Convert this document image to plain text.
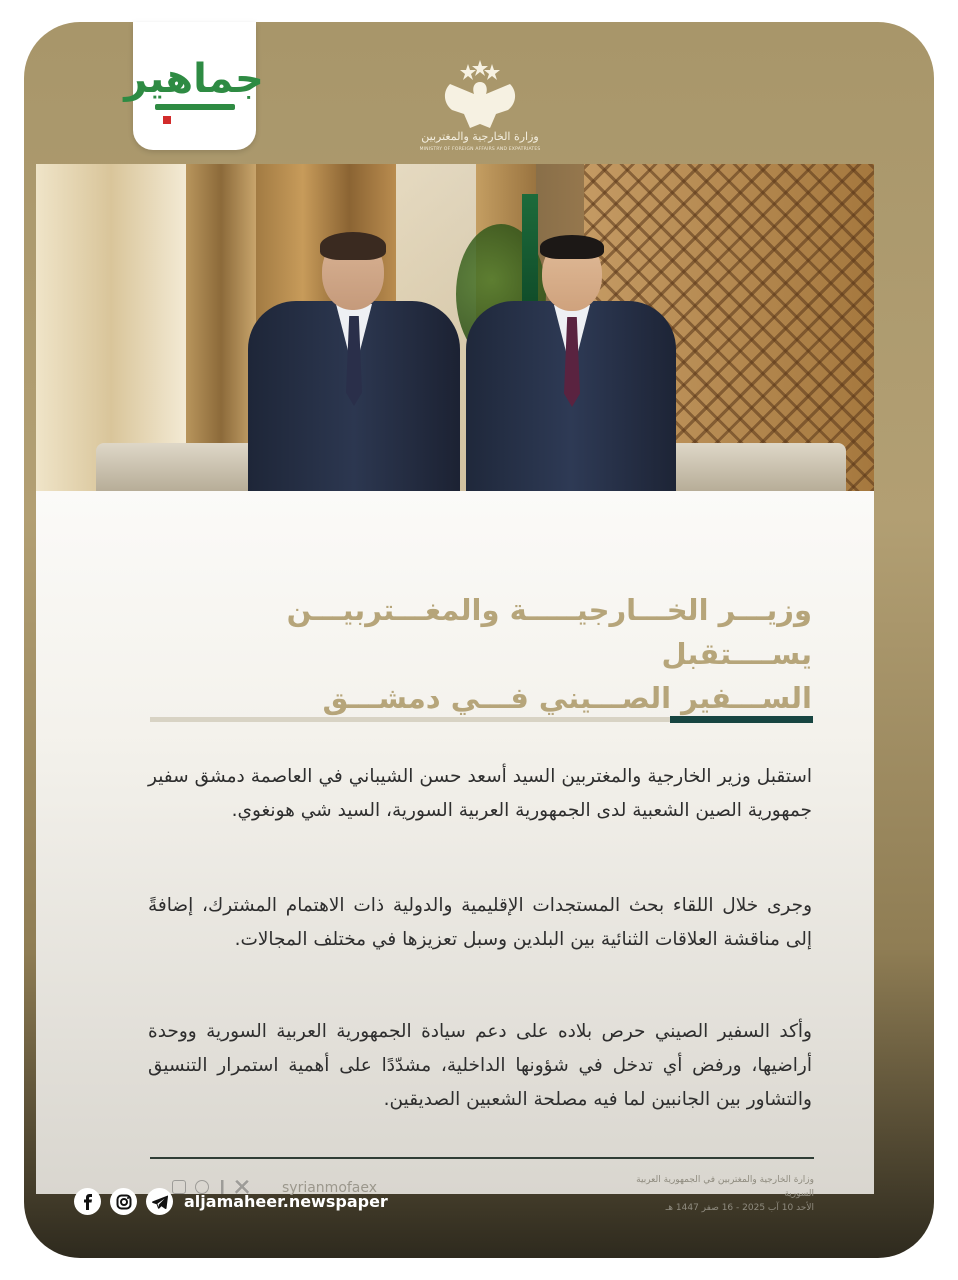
جماهير
وزارة الخارجية والمغتربين
MINISTRY OF FOREIGN AFFAIRS AND EXPATRIATES
وزيـــر الخـــارجيـــــة والمغـــتربيـــن يســــتقبل
الســـفير الصـــيني فـــي دمشـــق
استقبل وزير الخارجية والمغتربين السيد أسعد حسن الشيباني في العاصمة دمشق سفير جمهورية الصين الشعبية لدى الجمهورية العربية السورية، السيد شي هونغوي.
وجرى خلال اللقاء بحث المستجدات الإقليمية والدولية ذات الاهتمام المشترك، إضافةً إلى مناقشة العلاقات الثنائية بين البلدين وسبل تعزيزها في مختلف المجالات.
وأكد السفير الصيني حرص بلاده على دعم سيادة الجمهورية العربية السورية ووحدة أراضيها، ورفض أي تدخل في شؤونها الداخلية، مشدّدًا على أهمية استمرار التنسيق والتشاور بين الجانبين لما فيه مصلحة الشعبين الصديقين.
وزارة الخارجية والمغتربين في الجمهورية العربية السورية
الأحد 10 آب 2025 - 16 صفر 1447 هـ
syrianmofaex
aljamaheer.newspaper
